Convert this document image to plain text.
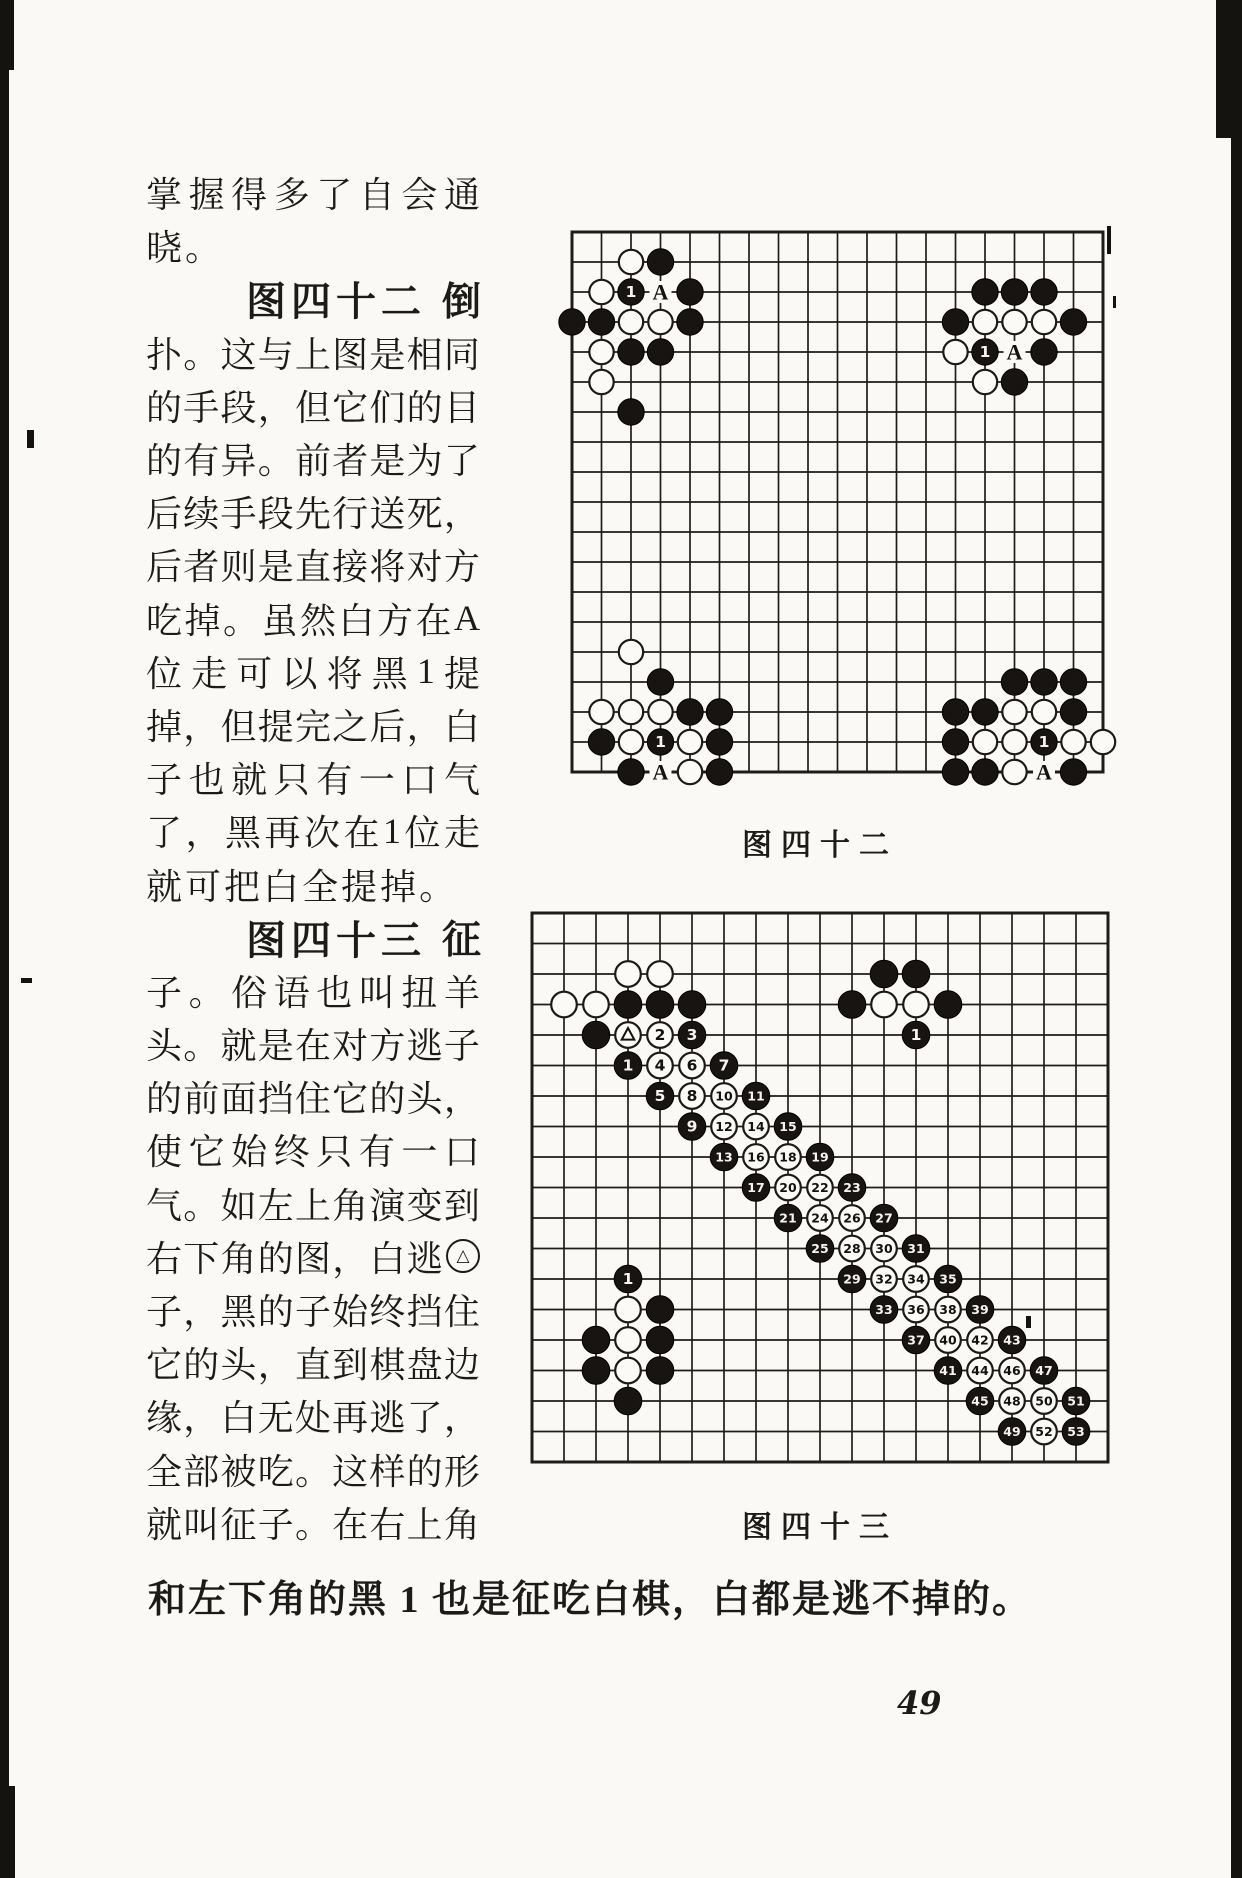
掌 握 得 多 了 自 会 通
晓 。
图四十二 倒
扑 。 这 与 上 图 是 相 同
的 手 段 ， 但 它 们 的 目
的 有 异 。 前 者 是 为 了
后 续 手 段 先 行 送 死 ，
后 者 则 是 直 接 将 对 方
吃 掉 。 虽 然 白 方 在 A
位 走 可 以 将 黑 1 提
掉 ， 但 提 完 之 后 ， 白
子 也 就 只 有 一 口 气
了 ， 黑 再 次 在 1 位 走
就 可 把 白 全 提 掉 。
图四十三 征
子 。 俗 语 也 叫 扭 羊
头 。 就 是 在 对 方 逃 子
的 前 面 挡 住 它 的 头 ，
使 它 始 终 只 有 一 口
气 。 如 左 上 角 演 变 到
右 下 角 的 图 ， 白 逃 △
子 ， 黑 的 子 始 终 挡 住
它 的 头 ， 直 到 棋 盘 边
缘 ， 白 无 处 再 逃 了 ，
全 部 被 吃 。 这 样 的 形
就 叫 征 子 。 在 右 上 角
1
1
1	1
A
A
A	A
图四十二
2 3
1 4 6 7
5 8 10 11
9 12 14 15
13 16 18 19
17 20 22 23
21 24 26 27
25 28 30 31
29 32 34 35
33 36 38 39
37 40 42 43
41 44 46 47
45 48 50 51
49 52 53
1
1
图四十三
和左下角的黑 1 也是征吃白棋，白都是逃不掉的。
49
